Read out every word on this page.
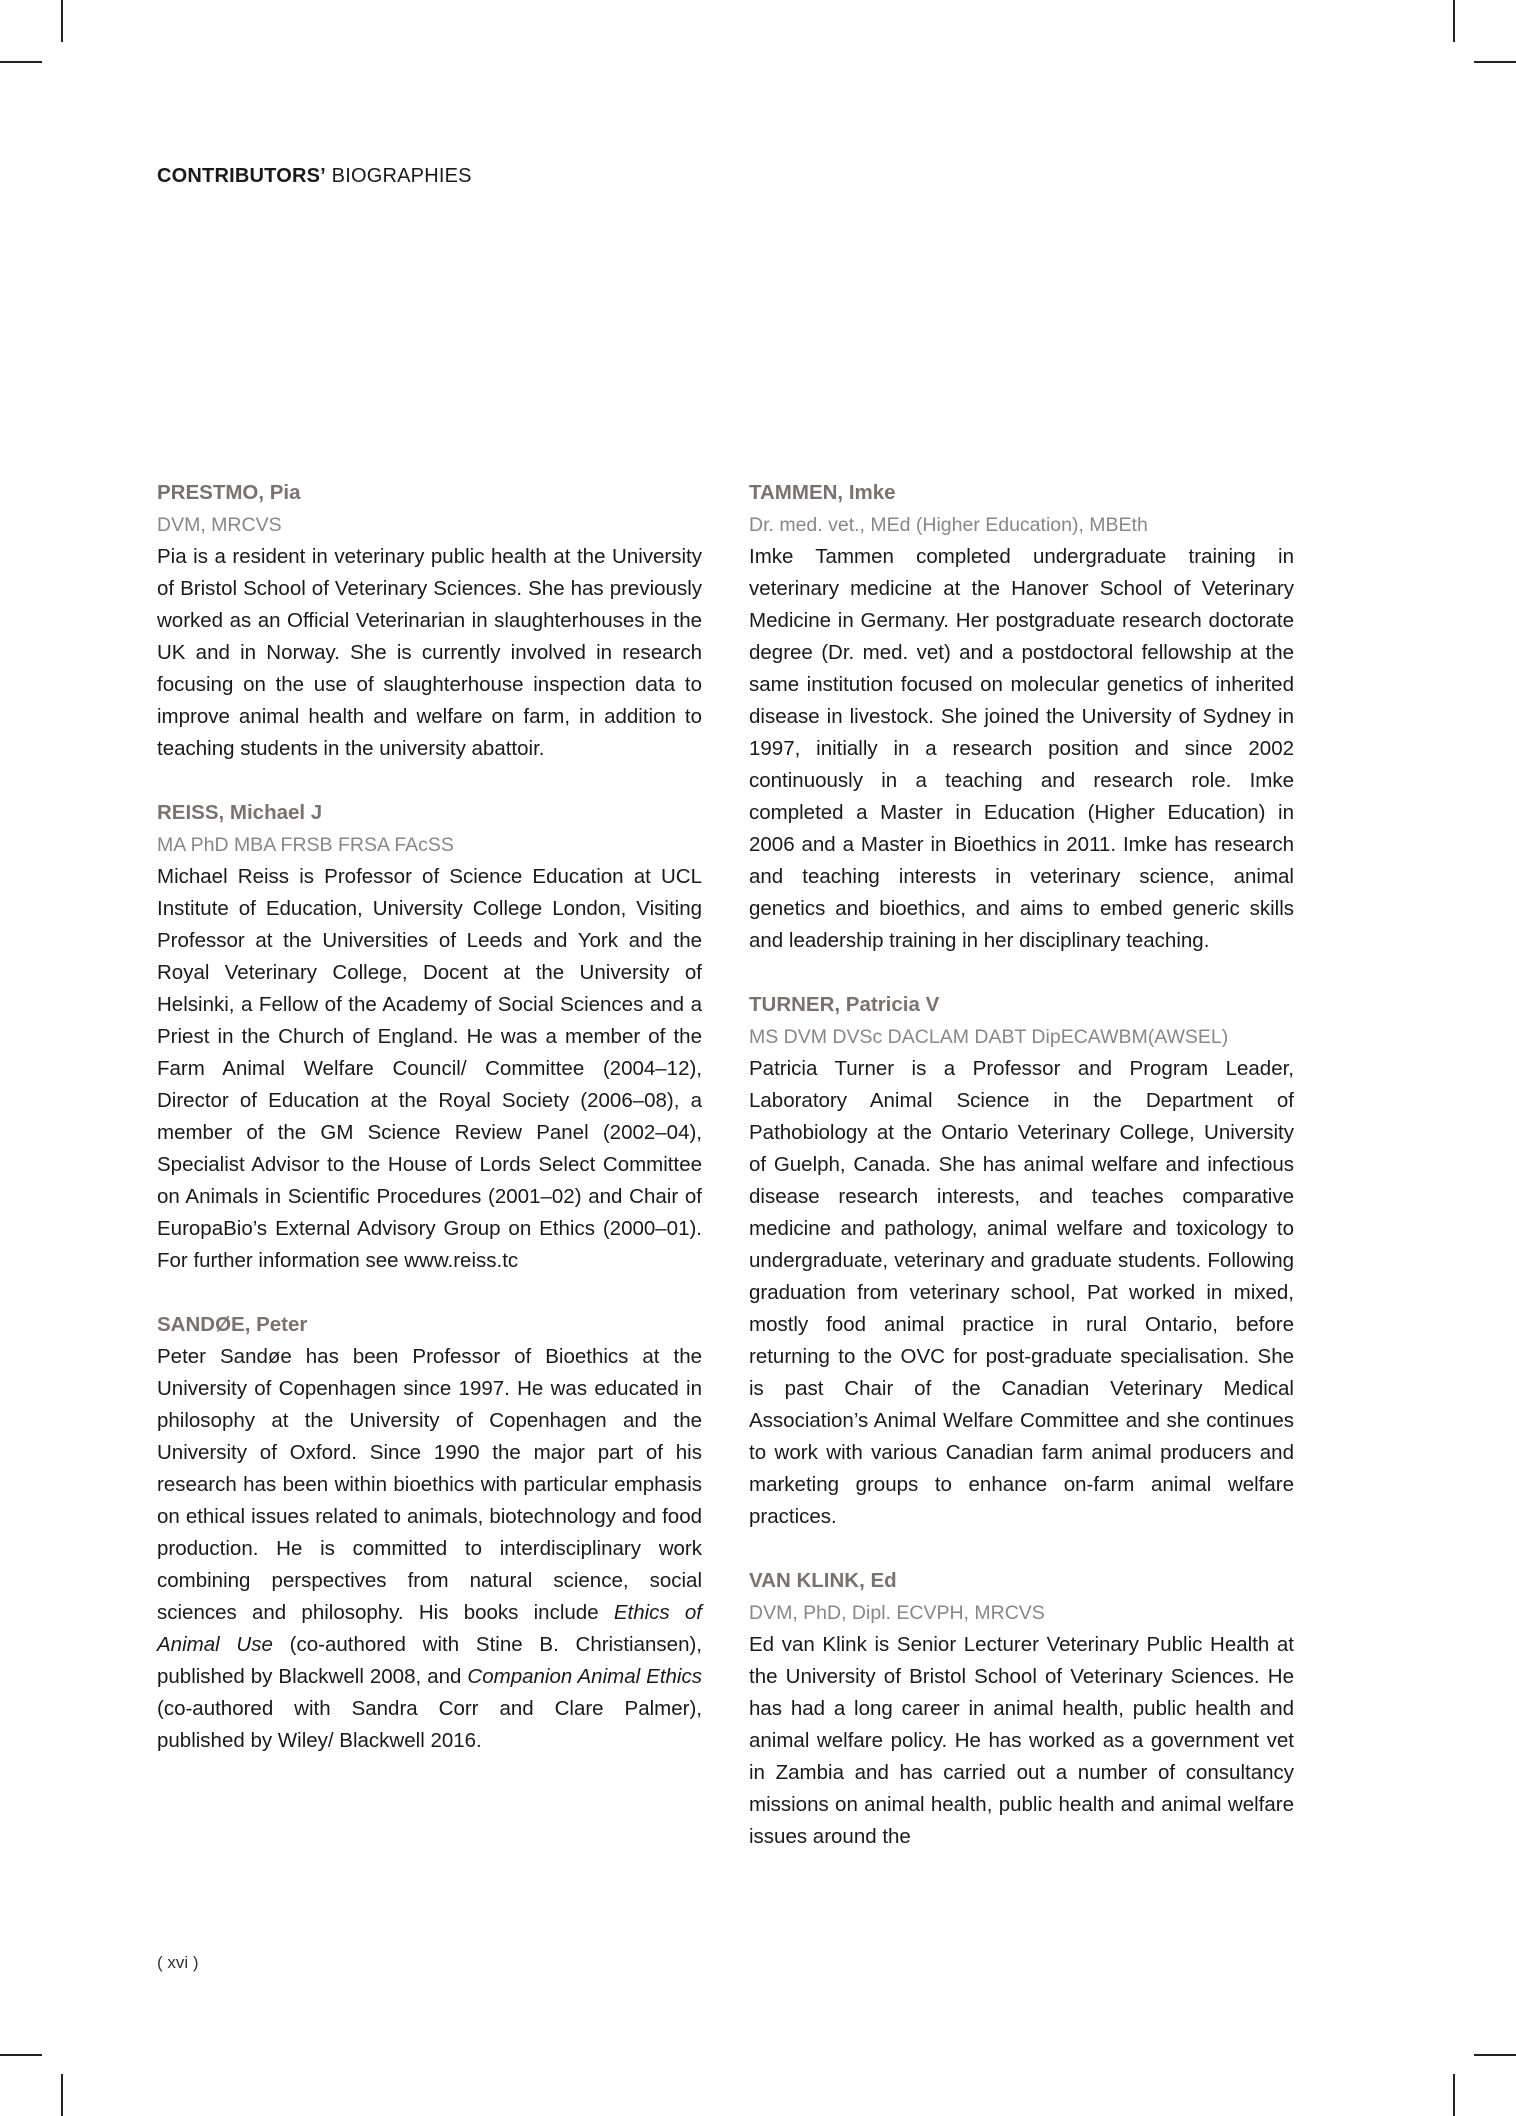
CONTRIBUTORS’ BIOGRAPHIES
PRESTMO, Pia
DVM, MRCVS
Pia is a resident in veterinary public health at the University of Bristol School of Veterinary Sciences. She has previously worked as an Official Veterinarian in slaughterhouses in the UK and in Norway. She is currently involved in research focusing on the use of slaughterhouse inspection data to improve animal health and welfare on farm, in addition to teaching students in the university abattoir.
REISS, Michael J
MA PhD MBA FRSB FRSA FAcSS
Michael Reiss is Professor of Science Education at UCL Institute of Education, University College London, Visiting Professor at the Universities of Leeds and York and the Royal Veterinary College, Docent at the University of Helsinki, a Fellow of the Academy of Social Sciences and a Priest in the Church of England. He was a member of the Farm Animal Welfare Council/ Committee (2004–12), Director of Education at the Royal Society (2006–08), a member of the GM Science Review Panel (2002–04), Specialist Advisor to the House of Lords Select Committee on Animals in Scientific Procedures (2001–02) and Chair of EuropaBio’s External Advisory Group on Ethics (2000–01). For further information see www.reiss.tc
SANDØE, Peter
Peter Sandøe has been Professor of Bioethics at the University of Copenhagen since 1997. He was educated in philosophy at the University of Copenhagen and the University of Oxford. Since 1990 the major part of his research has been within bioethics with particular emphasis on ethical issues related to animals, biotechnology and food production. He is committed to interdisciplinary work combining perspectives from natural science, social sciences and philosophy. His books include Ethics of Animal Use (co-authored with Stine B. Christiansen), published by Blackwell 2008, and Companion Animal Ethics (co-authored with Sandra Corr and Clare Palmer), published by Wiley/ Blackwell 2016.
TAMMEN, Imke
Dr. med. vet., MEd (Higher Education), MBEth
Imke Tammen completed undergraduate training in veterinary medicine at the Hanover School of Veterinary Medicine in Germany. Her postgraduate research doctorate degree (Dr. med. vet) and a postdoctoral fellowship at the same institution focused on molecular genetics of inherited disease in livestock. She joined the University of Sydney in 1997, initially in a research position and since 2002 continuously in a teaching and research role. Imke completed a Master in Education (Higher Education) in 2006 and a Master in Bioethics in 2011. Imke has research and teaching interests in veterinary science, animal genetics and bioethics, and aims to embed generic skills and leadership training in her disciplinary teaching.
TURNER, Patricia V
MS DVM DVSc DACLAM DABT DipECAWBM(AWSEL)
Patricia Turner is a Professor and Program Leader, Laboratory Animal Science in the Department of Pathobiology at the Ontario Veterinary College, University of Guelph, Canada. She has animal welfare and infectious disease research interests, and teaches comparative medicine and pathology, animal welfare and toxicology to undergraduate, veterinary and graduate students. Following graduation from veterinary school, Pat worked in mixed, mostly food animal practice in rural Ontario, before returning to the OVC for post-graduate specialisation. She is past Chair of the Canadian Veterinary Medical Association’s Animal Welfare Committee and she continues to work with various Canadian farm animal producers and marketing groups to enhance on-farm animal welfare practices.
VAN KLINK, Ed
DVM, PhD, Dipl. ECVPH, MRCVS
Ed van Klink is Senior Lecturer Veterinary Public Health at the University of Bristol School of Veterinary Sciences. He has had a long career in animal health, public health and animal welfare policy. He has worked as a government vet in Zambia and has carried out a number of consultancy missions on animal health, public health and animal welfare issues around the
( xvi )
